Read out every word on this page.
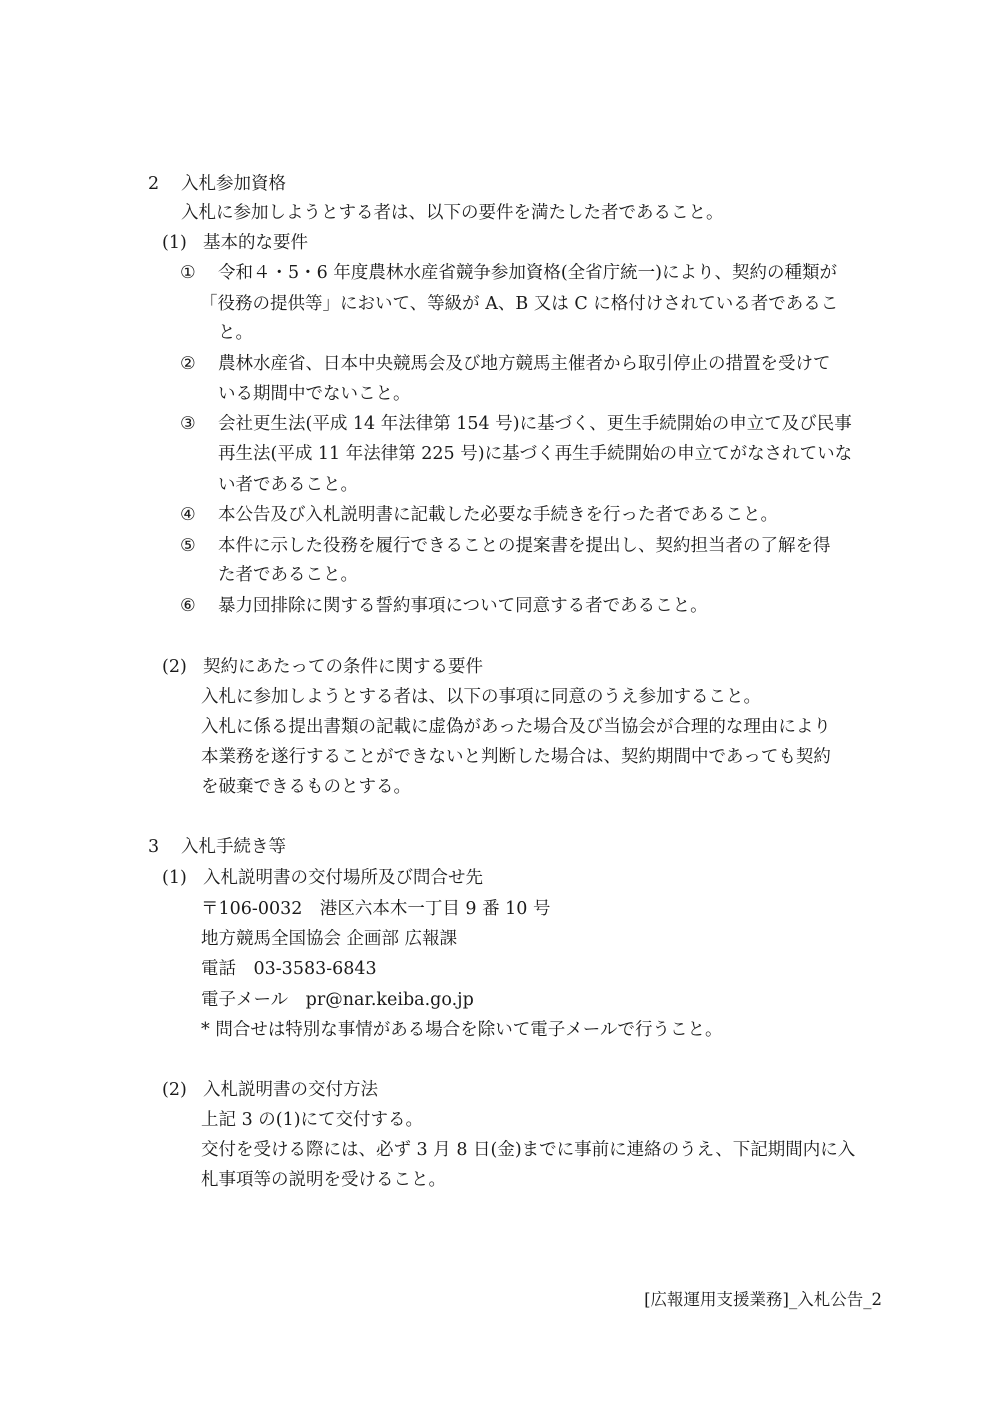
2 入札参加資格
入札に参加しようとする者は、以下の要件を満たした者であること。
(1) 基本的な要件
① 令和４・5・6 年度農林水産省競争参加資格(全省庁統一)により、契約の種類が
「役務の提供等」において、等級が A、B 又は C に格付けされている者であるこ
と。
② 農林水産省、日本中央競馬会及び地方競馬主催者から取引停止の措置を受けて
いる期間中でないこと。
③ 会社更生法(平成 14 年法律第 154 号)に基づく、更生手続開始の申立て及び民事
再生法(平成 11 年法律第 225 号)に基づく再生手続開始の申立てがなされていな
い者であること。
④ 本公告及び入札説明書に記載した必要な手続きを行った者であること。
⑤ 本件に示した役務を履行できることの提案書を提出し、契約担当者の了解を得
た者であること。
⑥ 暴力団排除に関する誓約事項について同意する者であること。
(2) 契約にあたっての条件に関する要件
入札に参加しようとする者は、以下の事項に同意のうえ参加すること。
入札に係る提出書類の記載に虚偽があった場合及び当協会が合理的な理由により
本業務を遂行することができないと判断した場合は、契約期間中であっても契約
を破棄できるものとする。
3 入札手続き等
(1) 入札説明書の交付場所及び問合せ先
〒106-0032　港区六本木一丁目 9 番 10 号
地方競馬全国協会 企画部 広報課
電話　03-3583-6843
電子メール　pr@nar.keiba.go.jp
* 問合せは特別な事情がある場合を除いて電子メールで行うこと。
(2) 入札説明書の交付方法
上記 3 の(1)にて交付する。
交付を受ける際には、必ず 3 月 8 日(金)までに事前に連絡のうえ、下記期間内に入
札事項等の説明を受けること。
[広報運用支援業務]_入札公告_2
